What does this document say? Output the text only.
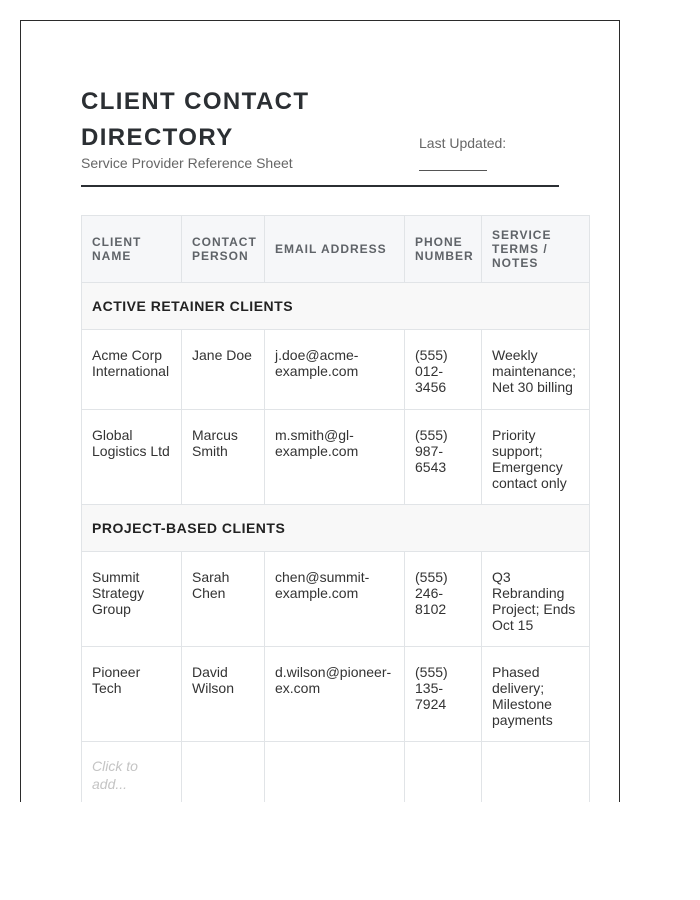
CLIENT CONTACT DIRECTORY
Service Provider Reference Sheet
Last Updated:
CLIENT NAME	CONTACT PERSON	EMAIL ADDRESS	PHONE NUMBER	SERVICE TERMS / NOTES
ACTIVE RETAINER CLIENTS				
Acme Corp International	Jane Doe	j.doe@acme-example.com	(555) 012-3456	Weekly maintenance; Net 30 billing
Global Logistics Ltd	Marcus Smith	m.smith@gl-example.com	(555) 987-6543	Priority support; Emergency contact only
PROJECT-BASED CLIENTS				
Summit Strategy Group	Sarah Chen	chen@summit-example.com	(555) 246-8102	Q3 Rebranding Project; Ends Oct 15
Pioneer Tech	David Wilson	d.wilson@pioneer-ex.com	(555) 135-7924	Phased delivery; Milestone payments
Click to add...				
